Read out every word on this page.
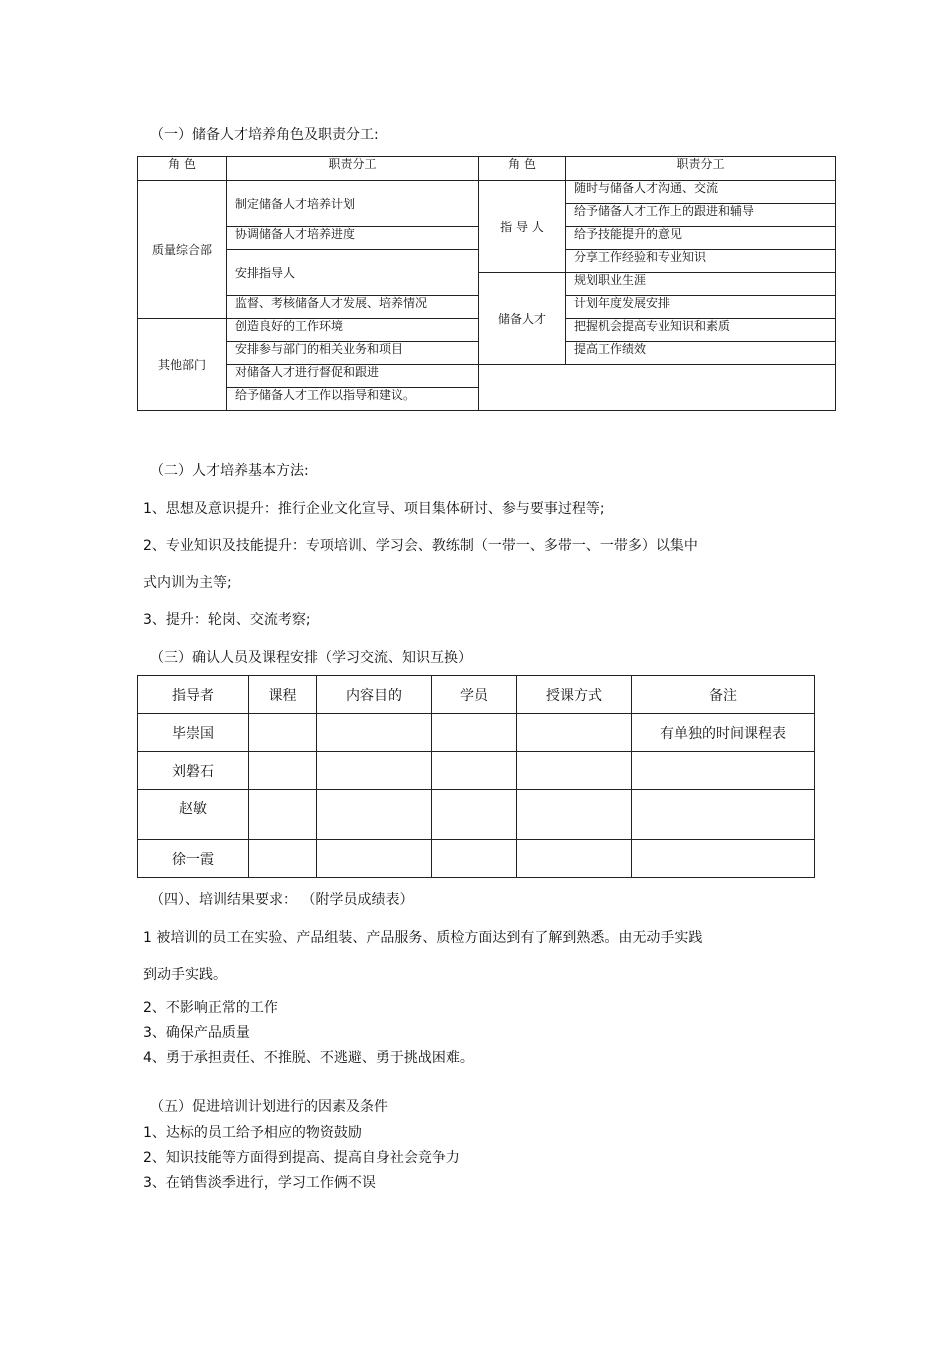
（一）储备人才培养角色及职责分工:
角 色	职责分工	角 色	职责分工
质量综合部	制定储备人才培养计划	指 导 人	随时与储备人才沟通、交流
			给予储备人才工作上的跟进和辅导
	协调储备人才培养进度		给予技能提升的意见
	安排指导人		分享工作经验和专业知识
		储备人才	规划职业生涯
	监督、考核储备人才发展、培养情况		计划年度发展安排
其他部门	创造良好的工作环境		把握机会提高专业知识和素质
	安排参与部门的相关业务和项目		提高工作绩效
	对储备人才进行督促和跟进		
	给予储备人才工作以指导和建议。		
（二）人才培养基本方法:
1、思想及意识提升：推行企业文化宣导、项目集体研讨、参与要事过程等;
2、专业知识及技能提升：专项培训、学习会、教练制（一带一、多带一、一带多）以集中
式内训为主等;
3、提升：轮岗、交流考察;
（三）确认人员及课程安排（学习交流、知识互换）
指导者	课程	内容目的	学员	授课方式	备注
毕崇国					有单独的时间课程表
刘磐石					
赵敏					
徐一霞					
（四）、培训结果要求： （附学员成绩表）
1 被培训的员工在实验、产品组装、产品服务、质检方面达到有了解到熟悉。由无动手实践
到动手实践。
2、不影响正常的工作
3、确保产品质量
4、勇于承担责任、不推脱、不逃避、勇于挑战困难。
（五）促进培训计划进行的因素及条件
1、达标的员工给予相应的物资鼓励
2、知识技能等方面得到提高、提高自身社会竞争力
3、在销售淡季进行，学习工作俩不误
